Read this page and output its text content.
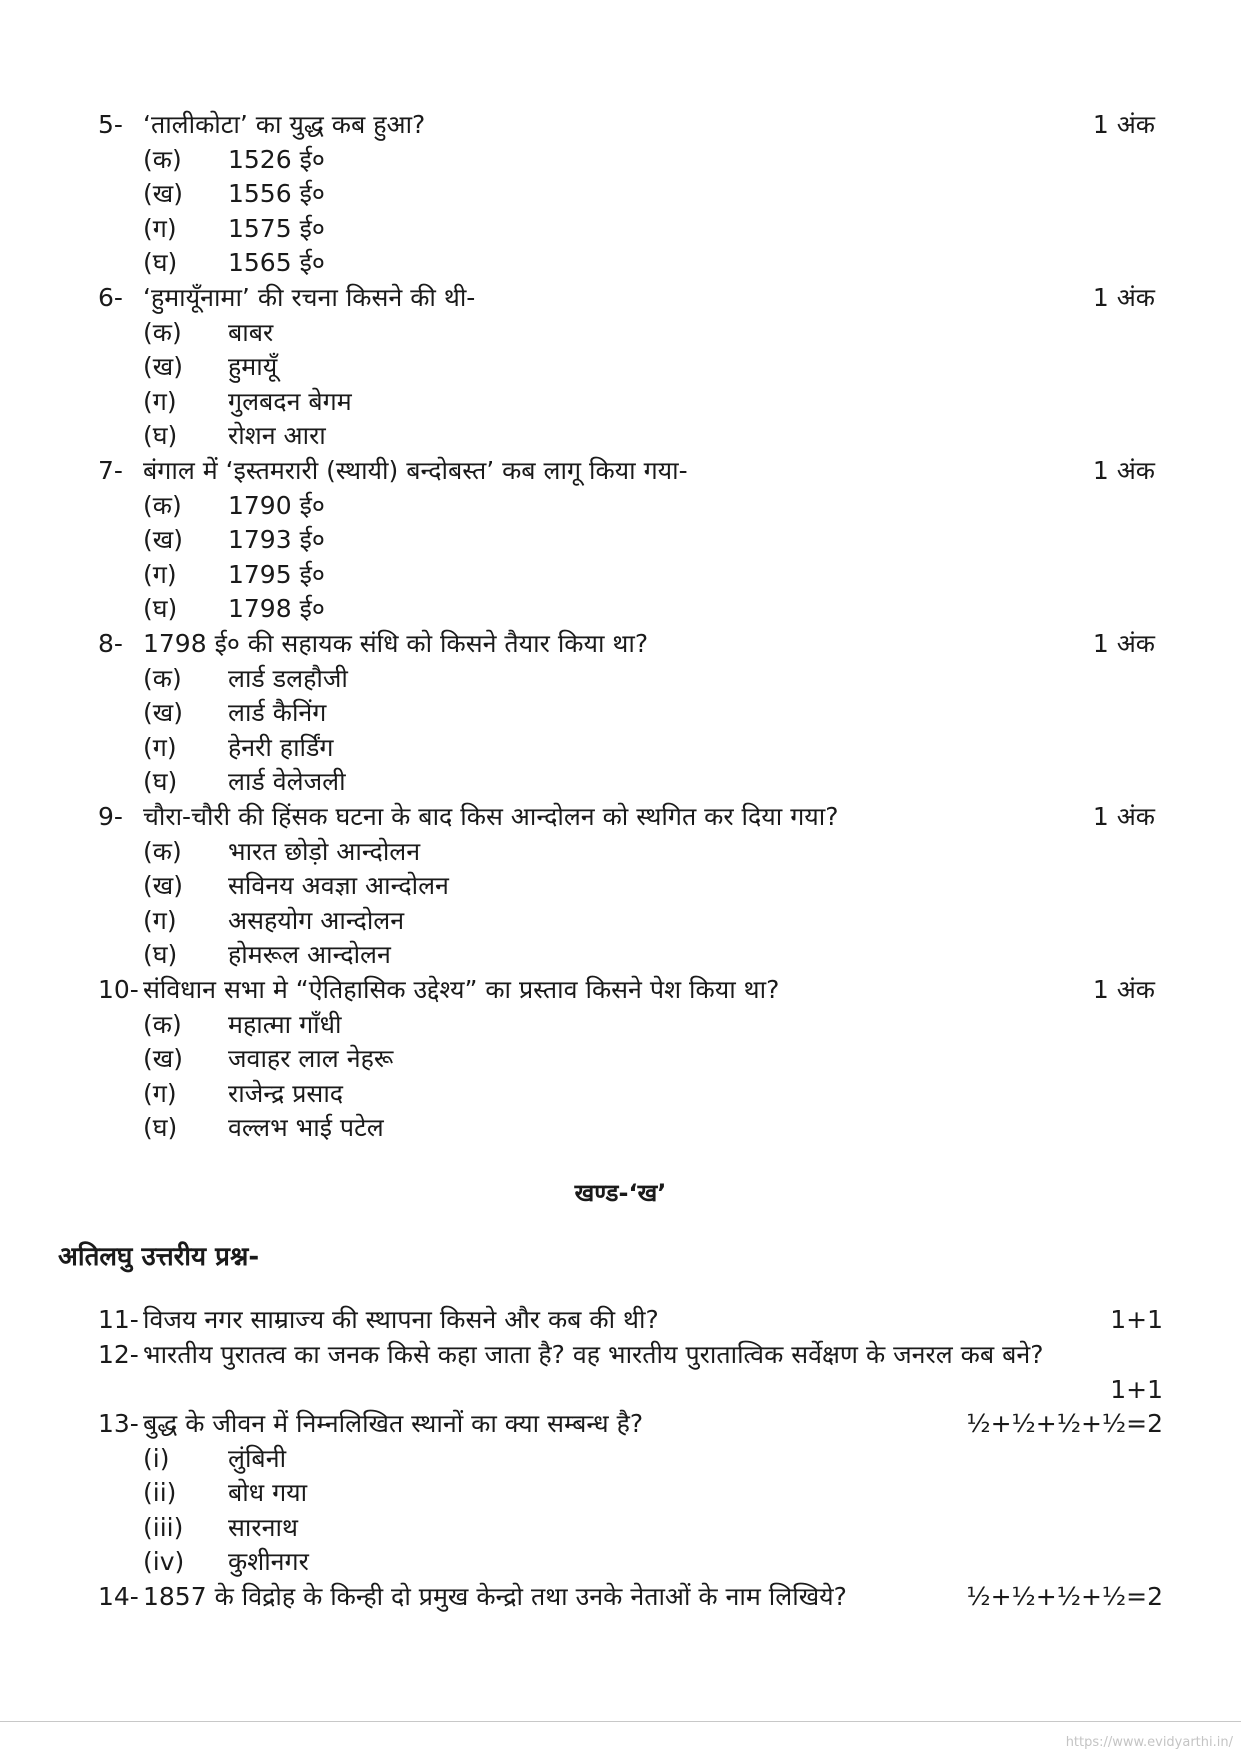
5- ‘तालीकोटा’ का युद्ध कब हुआ?	1 अंक
(क) 1526 ई०
(ख) 1556 ई०
(ग) 1575 ई०
(घ) 1565 ई०
6- ‘हुमायूँनामा’ की रचना किसने की थी-	1 अंक
(क) बाबर
(ख) हुमायूँ
(ग) गुलबदन बेगम
(घ) रोशन आरा
7- बंगाल में ‘इस्तमरारी (स्थायी) बन्दोबस्त’ कब लागू किया गया-	1 अंक
(क) 1790 ई०
(ख) 1793 ई०
(ग) 1795 ई०
(घ) 1798 ई०
8- 1798 ई० की सहायक संधि को किसने तैयार किया था?	1 अंक
(क) लार्ड डलहौजी
(ख) लार्ड कैनिंग
(ग) हेनरी हार्डिंग
(घ) लार्ड वेलेजली
9- चौरा-चौरी की हिंसक घटना के बाद किस आन्दोलन को स्थगित कर दिया गया?	1 अंक
(क) भारत छोड़ो आन्दोलन
(ख) सविनय अवज्ञा आन्दोलन
(ग) असहयोग आन्दोलन
(घ) होमरूल आन्दोलन
10- संविधान सभा मे “ऐतिहासिक उद्देश्य” का प्रस्ताव किसने पेश किया था?	1 अंक
(क) महात्मा गाँधी
(ख) जवाहर लाल नेहरू
(ग) राजेन्द्र प्रसाद
(घ) वल्लभ भाई पटेल
खण्ड-‘ख’
अतिलघु उत्तरीय प्रश्न-
11- विजय नगर साम्राज्य की स्थापना किसने और कब की थी?	1+1
12- भारतीय पुरातत्व का जनक किसे कहा जाता है? वह भारतीय पुरातात्विक सर्वेक्षण के जनरल कब बने?
1+1
13- बुद्ध के जीवन में निम्नलिखित स्थानों का क्या सम्बन्ध है?	½+½+½+½=2
(i) लुंबिनी
(ii) बोध गया
(iii) सारनाथ
(iv) कुशीनगर
14- 1857 के विद्रोह के किन्ही दो प्रमुख केन्द्रो तथा उनके नेताओं के नाम लिखिये?	½+½+½+½=2
https://www.evidyarthi.in/
